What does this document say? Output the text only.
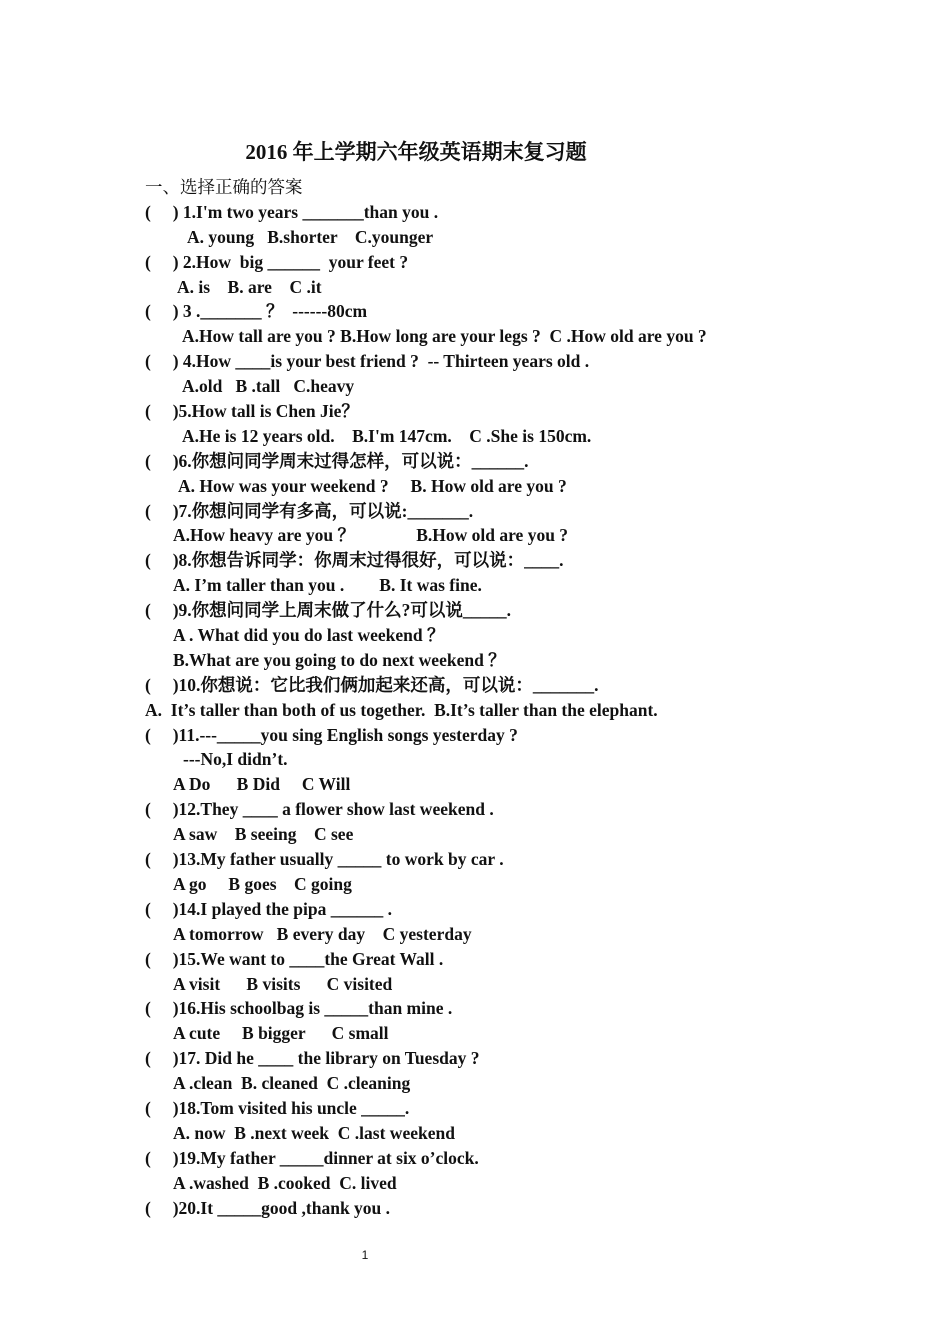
2016 年上学期六年级英语期末复习题
一、选择正确的答案
(     ) 1.I'm two years _______than you .
A. young   B.shorter    C.younger
(     ) 2.How  big ______  your feet ?
A. is    B. are    C .it
(     ) 3 ._______ ？  ------80cm
A.How tall are you ? B.How long are your legs ?  C .How old are you ?
(     ) 4.How ____is your best friend ?  -- Thirteen years old .
A.old   B .tall   C.heavy
(     )5.How tall is Chen Jie？
A.He is 12 years old.    B.I'm 147cm.    C .She is 150cm.
(     )6.你想问同学周末过得怎样，可以说：______.
A. How was your weekend ?     B. How old are you ?
(     )7.你想问同学有多高，可以说:_______.
A.How heavy are you ？              B.How old are you ?
(     )8.你想告诉同学：你周末过得很好，可以说：____.
A. I’m taller than you .        B. It was fine.
(     )9.你想问同学上周末做了什么?可以说_____.
A . What did you do last weekend ？
B.What are you going to do next weekend ？
(     )10.你想说：它比我们俩加起来还高，可以说：_______.
A.  It’s taller than both of us together.  B.It’s taller than the elephant.
(     )11.---_____you sing English songs yesterday ?
---No,I didn’t.
A Do      B Did     C Will
(     )12.They ____ a flower show last weekend .
A saw    B seeing    C see
(     )13.My father usually _____ to work by car .
A go     B goes    C going
(     )14.I played the pipa ______ .
A tomorrow   B every day    C yesterday
(     )15.We want to ____the Great Wall .
A visit      B visits      C visited
(     )16.His schoolbag is _____than mine .
A cute     B bigger      C small
(     )17. Did he ____ the library on Tuesday ?
A .clean  B. cleaned  C .cleaning
(     )18.Tom visited his uncle _____.
A. now  B .next week  C .last weekend
(     )19.My father _____dinner at six o’clock.
A .washed  B .cooked  C. lived
(     )20.It _____good ,thank you .
1
